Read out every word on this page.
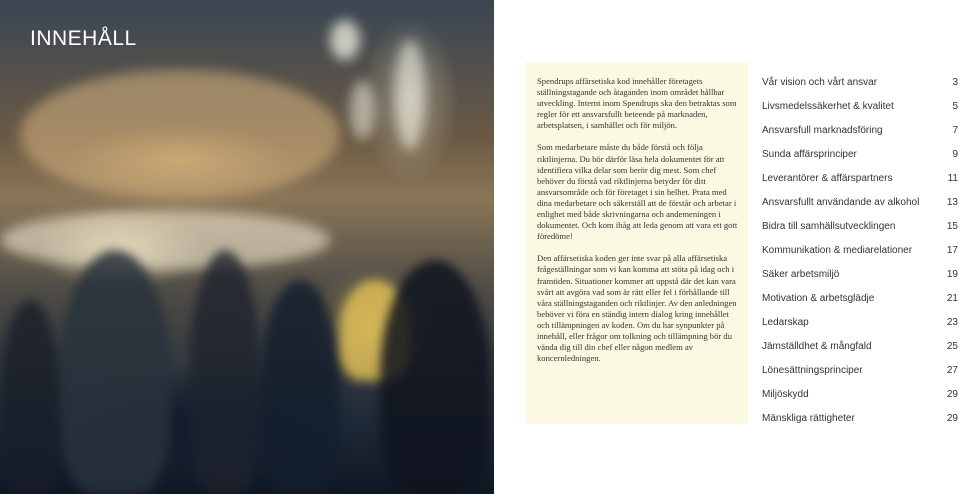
INNEHÅLL

Spendrups affärsetiska kod innehåller företagets ställningstagande och åtaganden inom området hållbar utveckling. Internt inom Spendrups ska den betraktas som regler för ett ansvarsfullt beteende på marknaden, arbetsplatsen, i samhället och för miljön.

Som medarbetare måste du både förstå och följa riktlinjerna. Du bör därför läsa hela dokumentet för att identifiera vilka delar som berör dig mest. Som chef behöver du förstå vad riktlinjerna betyder för ditt ansvarsområde och för företaget i sin helhet. Prata med dina medarbetare och säkerställ att de förstår och arbetar i enlighet med både skrivningarna och andemeningen i dokumentet. Och kom ihåg att leda genom att vara ett gott föredöme!

Den affärsetiska koden ger inte svar på alla affärsetiska frågeställningar som vi kan komma att stöta på idag och i framtiden. Situationer kommer att uppstå där det kan vara svårt att avgöra vad som är rätt eller fel i förhållande till våra ställningstaganden och riktlinjer. Av den anledningen behöver vi föra en ständig intern dialog kring innehållet och tillämpningen av koden. Om du har synpunkter på innehåll, eller frågor om tolkning och tillämpning bör du vända dig till din chef eller någon medlem av koncernledningen.

Vår vision och vårt ansvar	3
Livsmedelssäkerhet & kvalitet	5
Ansvarsfull marknadsföring	7
Sunda affärsprinciper	9
Leverantörer & affärspartners	11
Ansvarsfullt användande av alkohol	13
Bidra till samhällsutvecklingen	15
Kommunikation & mediarelationer	17
Säker arbetsmiljö	19
Motivation & arbetsglädje	21
Ledarskap	23
Jämställdhet & mångfald	25
Lönesättningsprinciper	27
Miljöskydd	29
Mänskliga rättigheter	29
